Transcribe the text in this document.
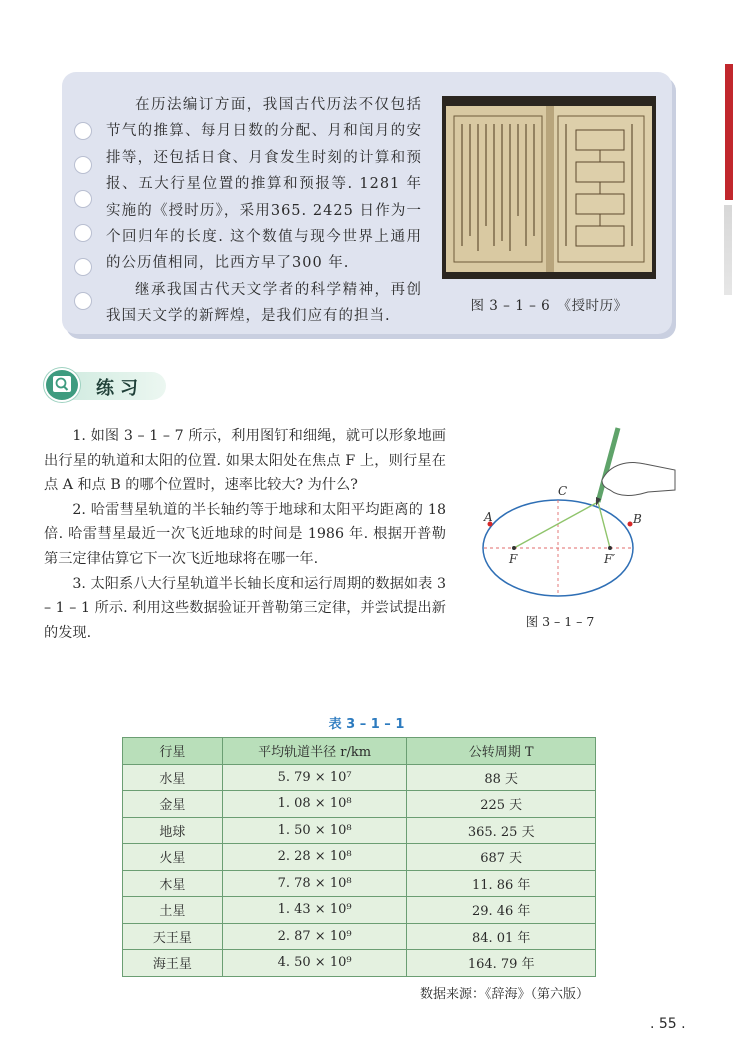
在历法编订方面，我国古代历法不仅包括节气的推算、每月日数的分配、月和闰月的安排等，还包括日食、月食发生时刻的计算和预报、五大行星位置的推算和预报等. 1281 年实施的《授时历》，采用365. 2425 日作为一个回归年的长度. 这个数值与现今世界上通用的公历值相同，比西方早了300 年.

继承我国古代天文学者的科学精神，再创我国天文学的新辉煌，是我们应有的担当.

图 3 – 1 – 6　《授时历》
练习

1. 如图 3 – 1 – 7 所示，利用图钉和细绳，就可以形象地画出行星的轨道和太阳的位置. 如果太阳处在焦点 F 上，则行星在点 A 和点 B 的哪个位置时，速率比较大? 为什么?

2. 哈雷彗星轨道的半长轴约等于地球和太阳平均距离的 18 倍. 哈雷彗星最近一次飞近地球的时间是 1986 年. 根据开普勒第三定律估算它下一次飞近地球将在哪一年.

3. 太阳系八大行星轨道半长轴长度和运行周期的数据如表 3 – 1 – 1 所示. 利用这些数据验证开普勒第三定律，并尝试提出新的发现.

A	B
C
F	F′
图 3 – 1 – 7
表 3 – 1 – 1
行星	平均轨道半径 r/km	公转周期 T
水星	5. 79 × 10⁷	88 天
金星	1. 08 × 10⁸	225 天
地球	1. 50 × 10⁸	365. 25 天
火星	2. 28 × 10⁸	687 天
木星	7. 78 × 10⁸	11. 86 年
土星	1. 43 × 10⁹	29. 46 年
天王星	2. 87 × 10⁹	84. 01 年
海王星	4. 50 × 10⁹	164. 79 年
数据来源：《辞海》（第六版）
. 55 .
